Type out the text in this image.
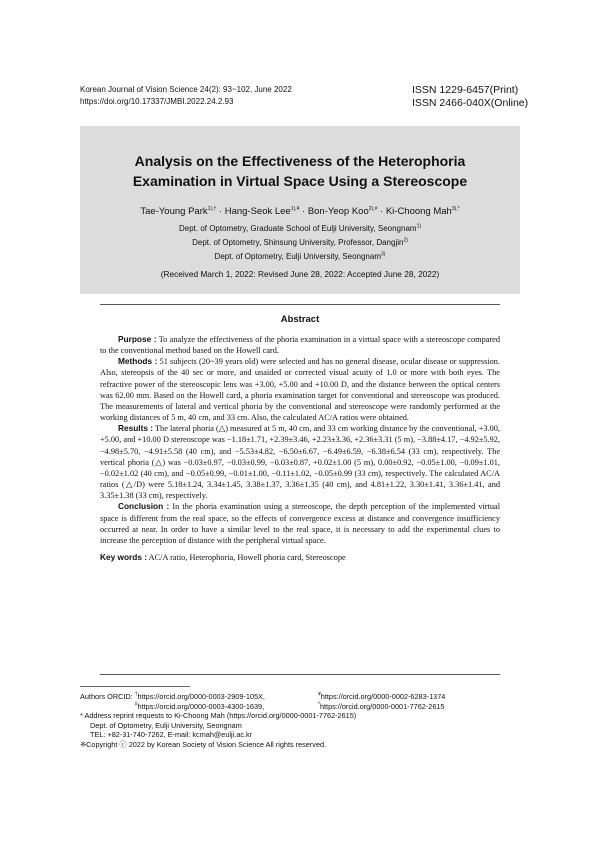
Korean Journal of Vision Science 24(2): 93~102, June 2022
https://doi.org/10.17337/JMBI.2022.24.2.93
ISSN 1229-6457(Print)
ISSN 2466-040X(Online)
Analysis on the Effectiveness of the Heterophoria
Examination in Virtual Space Using a Stereoscope
Tae-Young Park$^{1),\dagger}$ · Hang-Seok Lee$^{1),¥}$ · Bon-Yeop Koo$^{2),\#}$ · Ki-Choong Mah$^{3),*}$
Dept. of Optometry, Graduate School of Eulji University, Seongnam$^{1)}$
Dept. of Optometry, Shinsung University, Professor, Dangjin$^{2)}$
Dept. of Optometry, Eulji University, Seongnam$^{3)}$
(Received March 1, 2022: Revised June 28, 2022: Accepted June 28, 2022)
Abstract

Purpose : To analyze the effectiveness of the phoria examination in a virtual space with a stereoscope compared to the conventional method based on the Howell card.

Methods : 51 subjects (20~39 years old) were selected and has no general disease, ocular disease or suppression. Also, stereopsis of the 40 sec or more, and unaided or corrected visual acuity of 1.0 or more with both eyes. The refractive power of the stereoscopic lens was +3.00, +5.00 and +10.00 D, and the distance between the optical centers was 62.00 mm. Based on the Howell card, a phoria examination target for conventional and stereoscope was produced. The measurements of lateral and vertical phoria by the conventional and stereoscope were randomly performed at the working distances of 5 m, 40 cm, and 33 cm. Also, the calculated AC/A ratios were obtained.

Results : The lateral phoria (△) measured at 5 m, 40 cm, and 33 cm working distance by the conventional, +3.00, +5.00, and +10.00 D stereoscope was −1.18±1.71, +2.39±3.46, +2.23±3.36, +2.36±3.31 (5 m), −3.88±4.17, −4.92±5.92, −4.98±5.70, −4.91±5.58 (40 cm), and −5.53±4.82, −6.50±6.67, −6.49±6.59, −6.38±6.54 (33 cm), respectively. The vertical phoria (△) was −0.03±0.97, −0.03±0.99, −0.03±0.87, +0.02±1.00 (5 m), 0.00±0.92, −0.05±1.00, −0.09±1.01, −0.02±1.02 (40 cm), and −0.05±0.99, −0.01±1.00, −0.11±1.02, −0.05±0.99 (33 cm), respectively. The calculated AC/A ratios (△/D) were 5.18±1.24, 3.34±1.45, 3.38±1.37, 3.36±1.35 (40 cm), and 4.81±1.22, 3.30±1.41, 3.36±1.41, and 3.35±1.38 (33 cm), respectively.

Conclusion : In the phoria examination using a stereoscope, the depth perception of the implemented virtual space is different from the real space, so the effects of convergence excess at distance and convergence insufficiency occurred at near. In order to have a similar level to the real space, it is necessary to add the experimental clues to increase the perception of distance with the peripheral virtual space.

Key words : AC/A ratio, Heterophoria, Howell phoria card, Stereoscope

Authors ORCID: †https://orcid.org/0000-0003-2909-105X,	¥https://orcid.org/0000-0002-6283-1374
#https://orcid.org/0000-0003-4300-1639,	*https://orcid.org/0000-0001-7762-2615
* Address reprint requests to Ki-Choong Mah (https://orcid.org/0000-0001-7762-2615)
Dept. of Optometry, Eulji University, Seongnam
TEL: +82-31-740-7262, E-mail: kcmah@eulji.ac.kr
※Copyright ⓒ 2022 by Korean Society of Vision Science All rights reserved.
